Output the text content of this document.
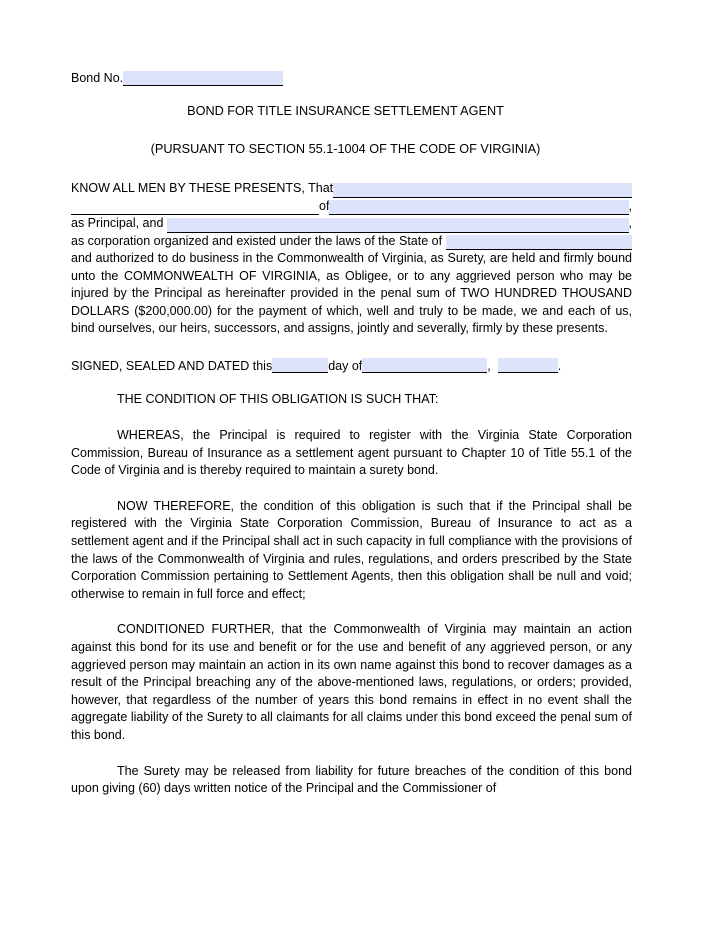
Bond No.
BOND FOR TITLE INSURANCE SETTLEMENT AGENT
(PURSUANT TO SECTION 55.1-1004 OF THE CODE OF VIRGINIA)
KNOW ALL MEN BY THESE PRESENTS, That
of	,
as Principal, and
	,
as corporation organized and existed under the laws of the State of

and authorized to do business in the Commonwealth of Virginia, as Surety, are held and firmly bound unto the COMMONWEALTH OF VIRGINIA, as Obligee, or to any aggrieved person who may be injured by the Principal as hereinafter provided in the penal sum of TWO HUNDRED THOUSAND DOLLARS ($200,000.00) for the payment of which, well and truly to be made, we and each of us, bind ourselves, our heirs, successors, and assigns, jointly and severally, firmly by these presents.

SIGNED, SEALED AND DATED this	day of	,
	.

THE CONDITION OF THIS OBLIGATION IS SUCH THAT:

WHEREAS, the Principal is required to register with the Virginia State Corporation Commission, Bureau of Insurance as a settlement agent pursuant to Chapter 10 of Title 55.1 of the Code of Virginia and is thereby required to maintain a surety bond.

NOW THEREFORE, the condition of this obligation is such that if the Principal shall be registered with the Virginia State Corporation Commission, Bureau of Insurance to act as a settlement agent and if the Principal shall act in such capacity in full compliance with the provisions of the laws of the Commonwealth of Virginia and rules, regulations, and orders prescribed by the State Corporation Commission pertaining to Settlement Agents, then this obligation shall be null and void; otherwise to remain in full force and effect;

CONDITIONED FURTHER, that the Commonwealth of Virginia may maintain an action against this bond for its use and benefit or for the use and benefit of any aggrieved person, or any aggrieved person may maintain an action in its own name against this bond to recover damages as a result of the Principal breaching any of the above-mentioned laws, regulations, or orders; provided, however, that regardless of the number of years this bond remains in effect in no event shall the aggregate liability of the Surety to all claimants for all claims under this bond exceed the penal sum of this bond.

The Surety may be released from liability for future breaches of the condition of this bond upon giving (60) days written notice of the Principal and the Commissioner of
